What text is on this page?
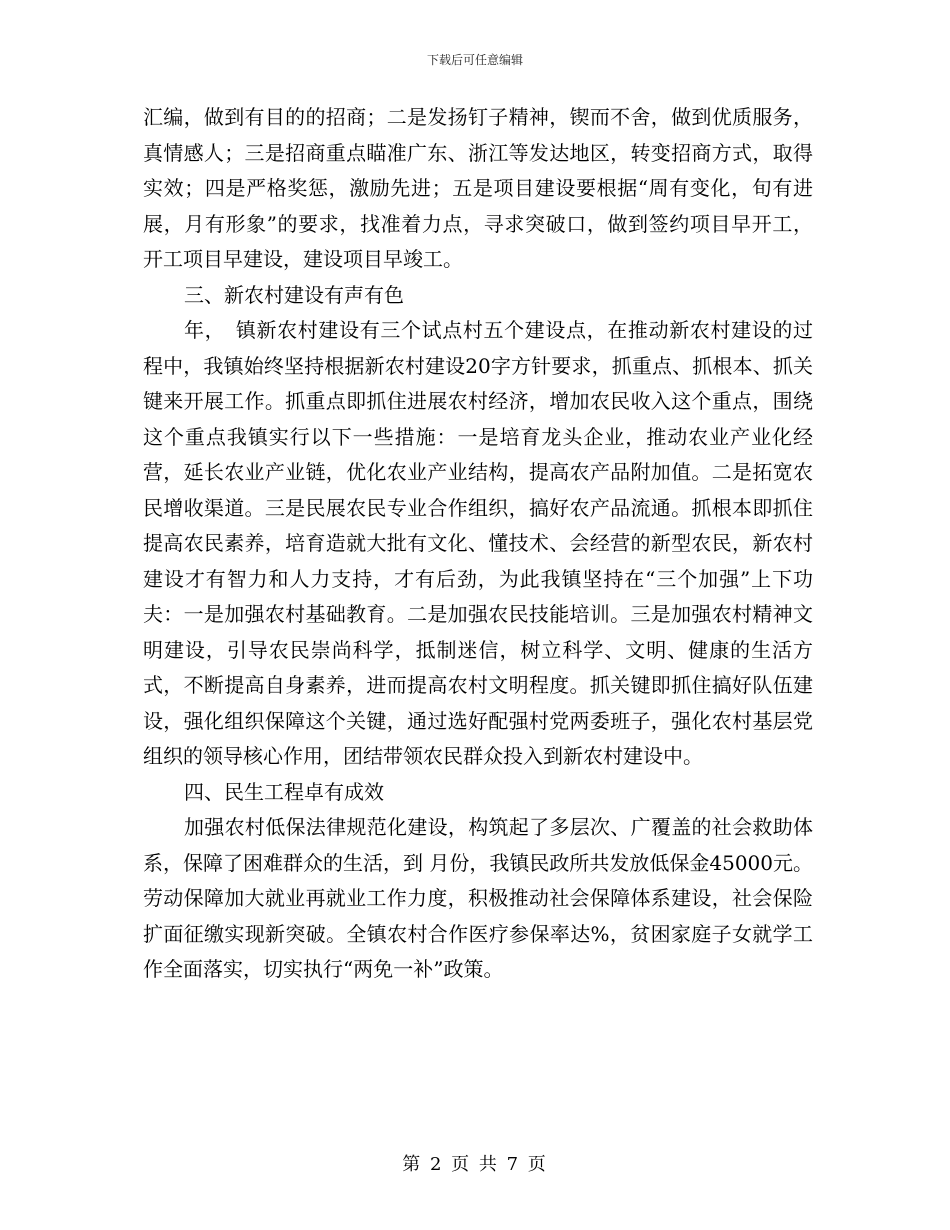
下载后可任意编辑

汇编，做到有目的的招商；二是发扬钉子精神，锲而不舍，做到优质服务，真情感人；三是招商重点瞄准广东、浙江等发达地区，转变招商方式，取得实效；四是严格奖惩，激励先进；五是项目建设要根据“周有变化，旬有进展，月有形象”的要求，找准着力点，寻求突破口，做到签约项目早开工，开工项目早建设，建设项目早竣工。

三、新农村建设有声有色

年，　镇新农村建设有三个试点村五个建设点，在推动新农村建设的过程中，我镇始终坚持根据新农村建设20字方针要求，抓重点、抓根本、抓关键来开展工作。抓重点即抓住进展农村经济，增加农民收入这个重点，围绕这个重点我镇实行以下一些措施：一是培育龙头企业，推动农业产业化经营，延长农业产业链，优化农业产业结构，提高农产品附加值。二是拓宽农民增收渠道。三是民展农民专业合作组织，搞好农产品流通。抓根本即抓住提高农民素养，培育造就大批有文化、懂技术、会经营的新型农民，新农村建设才有智力和人力支持，才有后劲，为此我镇坚持在“三个加强”上下功夫：一是加强农村基础教育。二是加强农民技能培训。三是加强农村精神文明建设，引导农民崇尚科学，抵制迷信，树立科学、文明、健康的生活方式，不断提高自身素养，进而提高农村文明程度。抓关键即抓住搞好队伍建设，强化组织保障这个关键，通过选好配强村党两委班子，强化农村基层党组织的领导核心作用，团结带领农民群众投入到新农村建设中。

四、民生工程卓有成效

加强农村低保法律规范化建设，构筑起了多层次、广覆盖的社会救助体系，保障了困难群众的生活，到 月份，我镇民政所共发放低保金45000元。劳动保障加大就业再就业工作力度，积极推动社会保障体系建设，社会保险扩面征缴实现新突破。全镇农村合作医疗参保率达%，贫困家庭子女就学工作全面落实，切实执行“两免一补”政策。

第 2 页 共 7 页
